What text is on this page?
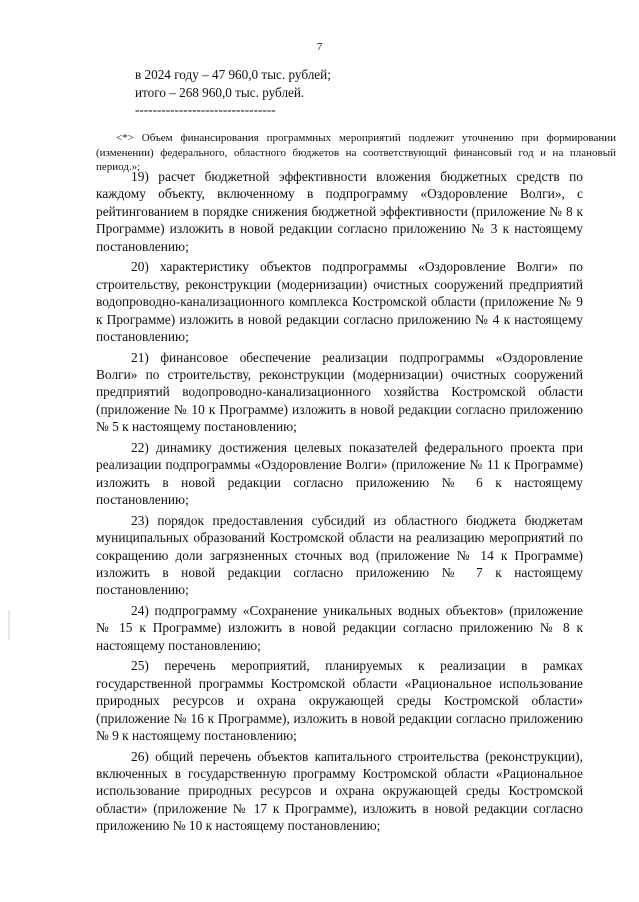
7
в 2024 году – 47 960,0 тыс. рублей;
итого – 268 960,0 тыс. рублей.
--------------------------------
<*> Объем финансирования программных мероприятий подлежит уточнению при формировании (изменении) федерального, областного бюджетов на соответствующий финансовый год и на плановый период.»;

19) расчет бюджетной эффективности вложения бюджетных средств по каждому объекту, включенному в подпрограмму «Оздоровление Волги», с рейтингованием в порядке снижения бюджетной эффективности (приложение № 8 к Программе) изложить в новой редакции согласно приложению № 3 к настоящему постановлению;

20) характеристику объектов подпрограммы «Оздоровление Волги» по строительству, реконструкции (модернизации) очистных сооружений предприятий водопроводно-канализационного комплекса Костромской области (приложение № 9 к Программе) изложить в новой редакции согласно приложению № 4 к настоящему постановлению;

21) финансовое обеспечение реализации подпрограммы «Оздоровление Волги» по строительству, реконструкции (модернизации) очистных сооружений предприятий водопроводно-канализационного хозяйства Костромской области (приложение № 10 к Программе) изложить в новой редакции согласно приложению № 5 к настоящему постановлению;

22) динамику достижения целевых показателей федерального проекта при реализации подпрограммы «Оздоровление Волги» (приложение № 11 к Программе) изложить в новой редакции согласно приложению № 6 к настоящему постановлению;

23) порядок предоставления субсидий из областного бюджета бюджетам муниципальных образований Костромской области на реализацию мероприятий по сокращению доли загрязненных сточных вод (приложение № 14 к Программе) изложить в новой редакции согласно приложению № 7 к настоящему постановлению;

24) подпрограмму «Сохранение уникальных водных объектов» (приложение № 15 к Программе) изложить в новой редакции согласно приложению № 8 к настоящему постановлению;

25) перечень мероприятий, планируемых к реализации в рамках государственной программы Костромской области «Рациональное использование природных ресурсов и охрана окружающей среды Костромской области» (приложение № 16 к Программе), изложить в новой редакции согласно приложению № 9 к настоящему постановлению;

26) общий перечень объектов капитального строительства (реконструкции), включенных в государственную программу Костромской области «Рациональное использование природных ресурсов и охрана окружающей среды Костромской области» (приложение № 17 к Программе), изложить в новой редакции согласно приложению № 10 к настоящему постановлению;
